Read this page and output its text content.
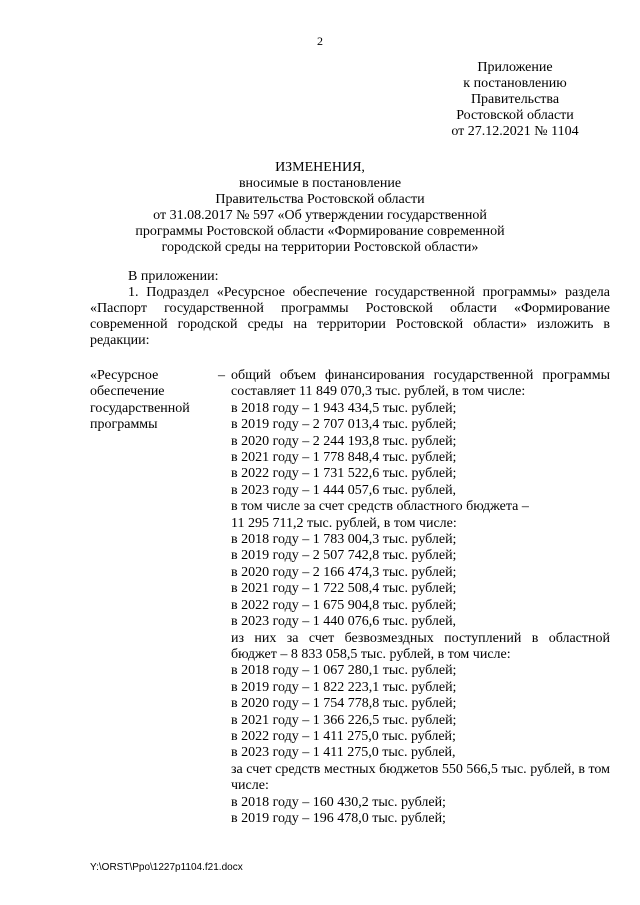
2
Приложение
к постановлению
Правительства
Ростовской области
от 27.12.2021 № 1104
ИЗМЕНЕНИЯ,
вносимые в постановление
Правительства Ростовской области
от 31.08.2017 № 597 «Об утверждении государственной
программы Ростовской области «Формирование современной
городской среды на территории Ростовской области»
В приложении:
1. Подраздел «Ресурсное обеспечение государственной программы» раздела «Паспорт государственной программы Ростовской области «Формирование современной городской среды на территории Ростовской области» изложить в редакции:
«Ресурсное обеспечение государственной программы
– общий объем финансирования государственной программы составляет 11 849 070,3 тыс. рублей, в том числе:
в 2018 году – 1 943 434,5 тыс. рублей;
в 2019 году – 2 707 013,4 тыс. рублей;
в 2020 году – 2 244 193,8 тыс. рублей;
в 2021 году – 1 778 848,4 тыс. рублей;
в 2022 году – 1 731 522,6 тыс. рублей;
в 2023 году – 1 444 057,6 тыс. рублей,
в том числе за счет средств областного бюджета –
11 295 711,2 тыс. рублей, в том числе:
в 2018 году – 1 783 004,3 тыс. рублей;
в 2019 году – 2 507 742,8 тыс. рублей;
в 2020 году – 2 166 474,3 тыс. рублей;
в 2021 году – 1 722 508,4 тыс. рублей;
в 2022 году – 1 675 904,8 тыс. рублей;
в 2023 году – 1 440 076,6 тыс. рублей,
из них за счет безвозмездных поступлений в областной бюджет – 8 833 058,5 тыс. рублей, в том числе:
в 2018 году – 1 067 280,1 тыс. рублей;
в 2019 году – 1 822 223,1 тыс. рублей;
в 2020 году – 1 754 778,8 тыс. рублей;
в 2021 году – 1 366 226,5 тыс. рублей;
в 2022 году – 1 411 275,0 тыс. рублей;
в 2023 году – 1 411 275,0 тыс. рублей,
за счет средств местных бюджетов 550 566,5 тыс. рублей, в том числе:
в 2018 году – 160 430,2 тыс. рублей;
в 2019 году – 196 478,0 тыс. рублей;
Y:\ORST\Ppo\1227p1104.f21.docx
